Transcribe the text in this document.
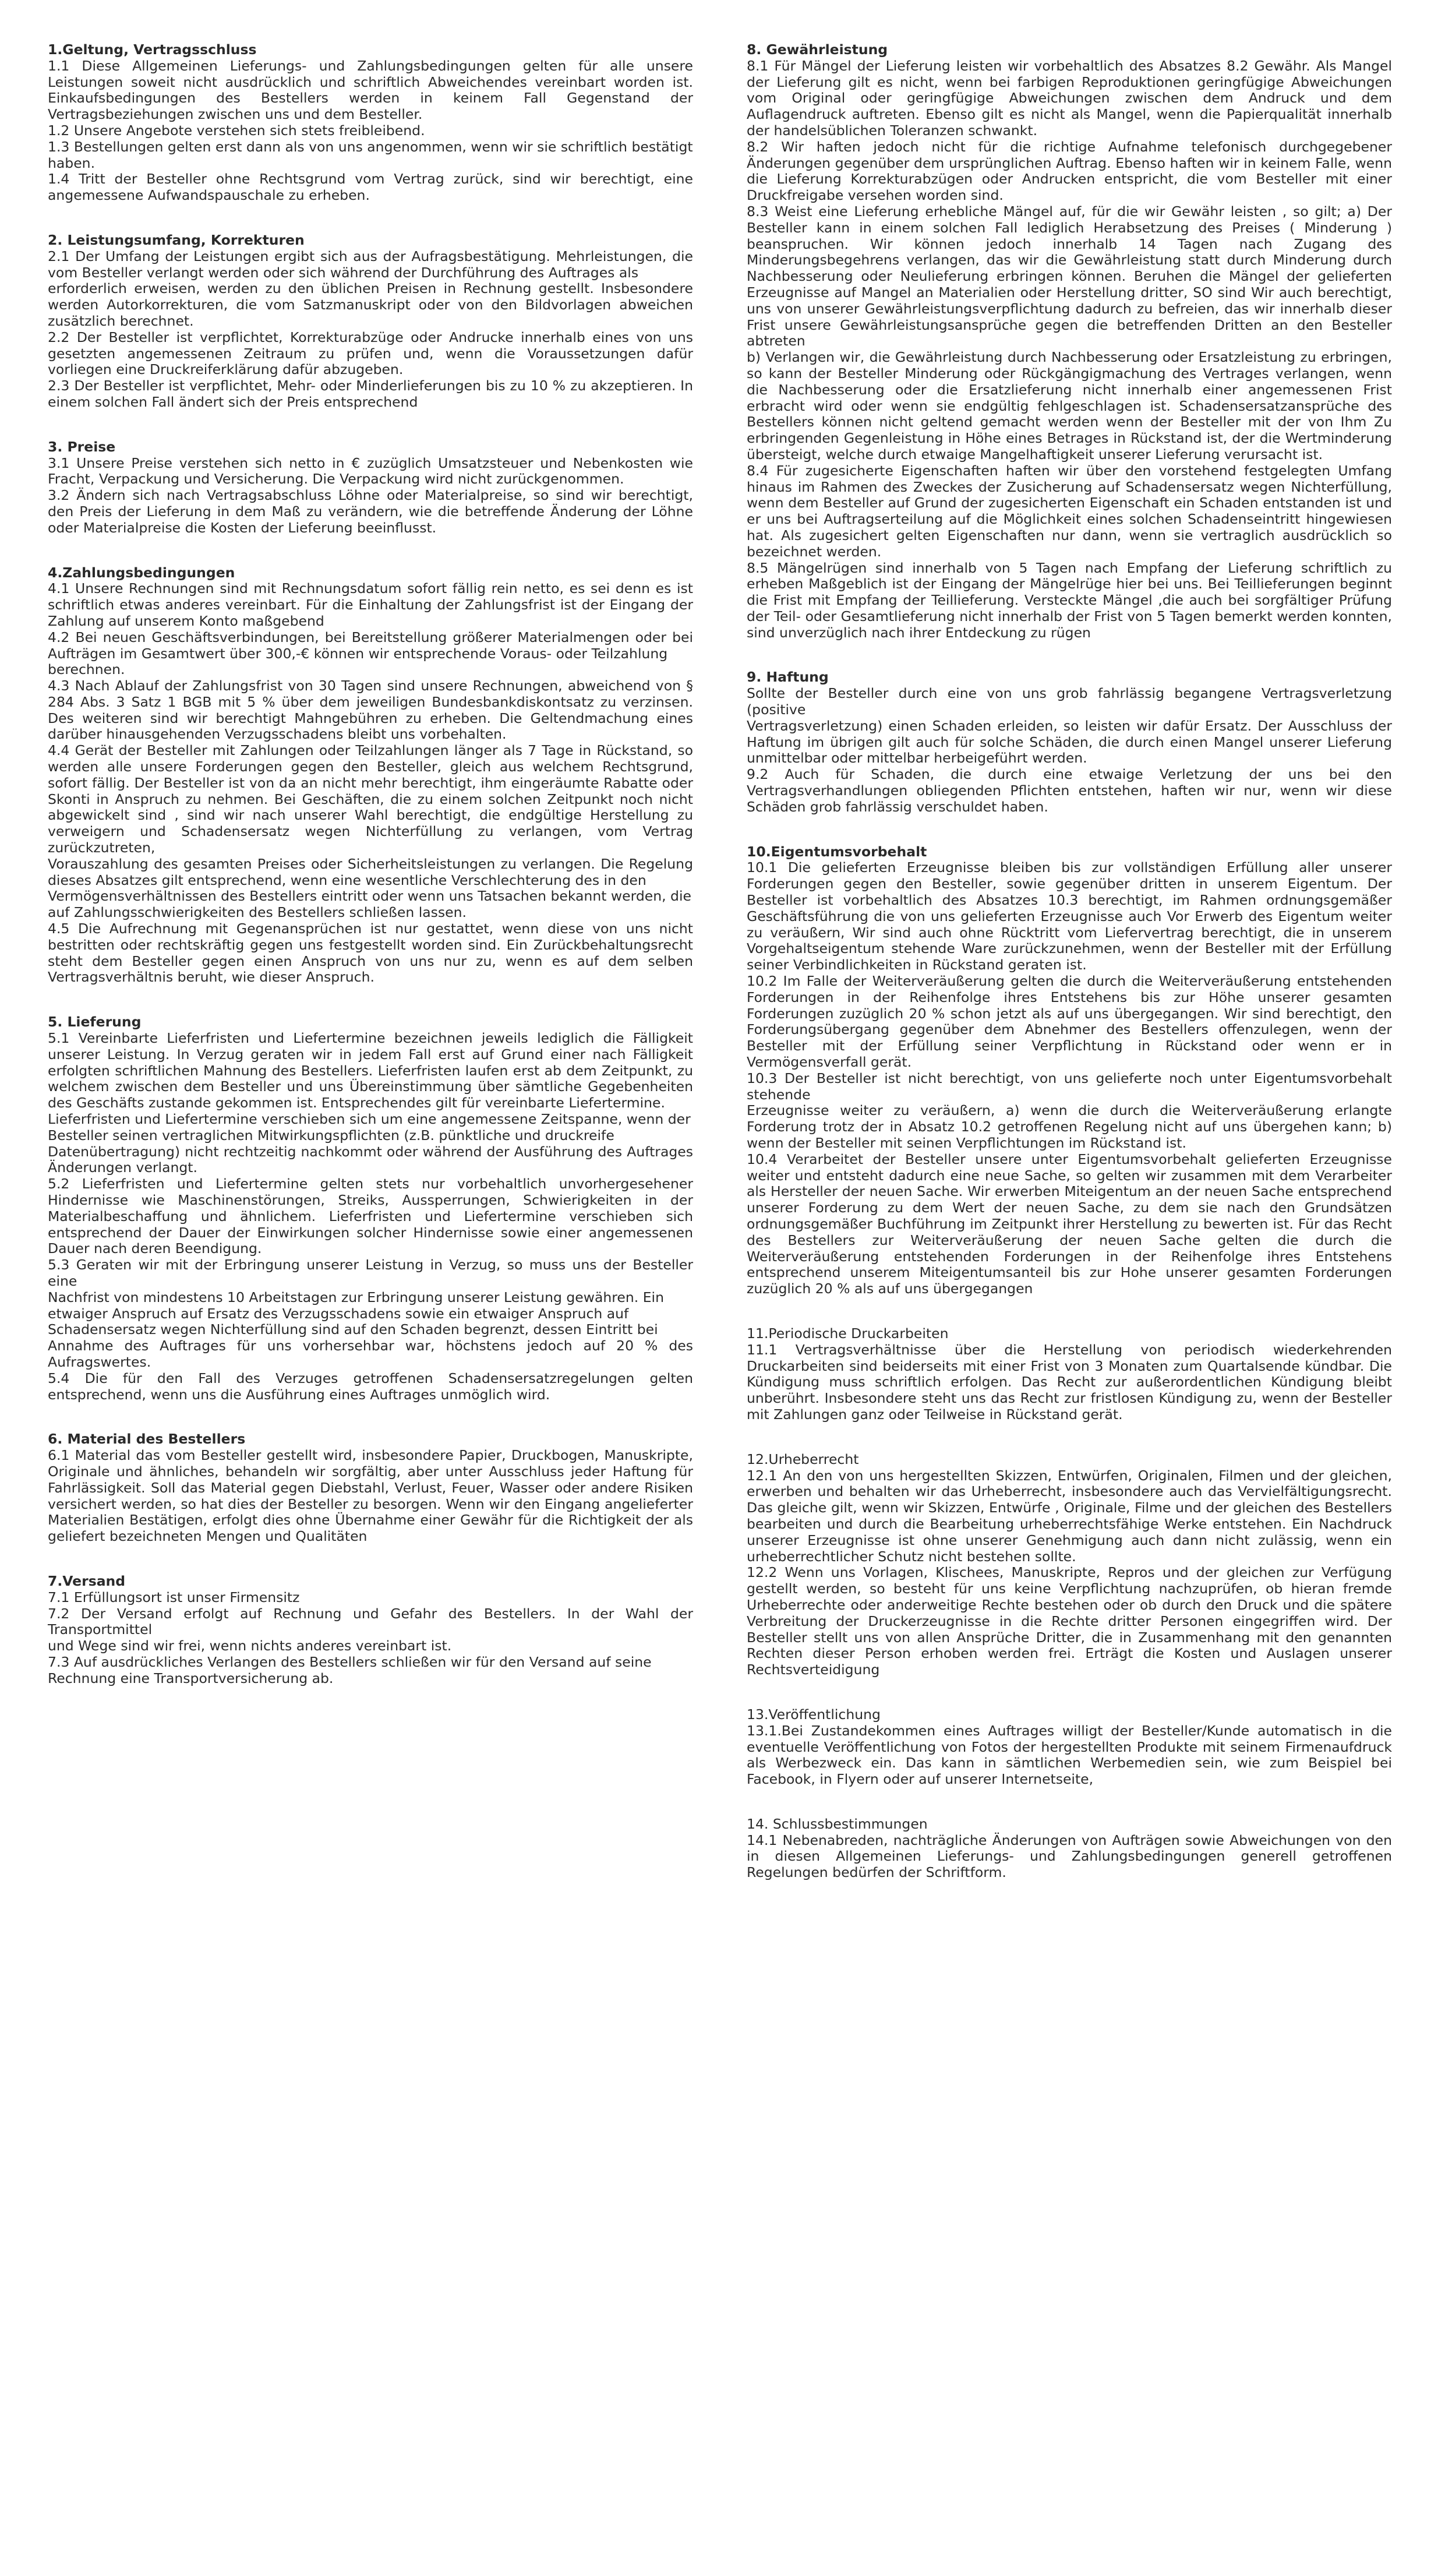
1.Geltung, Vertragsschluss

1.1 Diese Allgemeinen Lieferungs- und Zahlungsbedingungen gelten für alle unsere Leistungen soweit nicht ausdrücklich und schriftlich Abweichendes vereinbart worden ist. Einkaufsbedingungen des Bestellers werden in keinem Fall Gegenstand der Vertragsbeziehungen zwischen uns und dem Besteller.

1.2 Unsere Angebote verstehen sich stets freibleibend.

1.3 Bestellungen gelten erst dann als von uns angenommen, wenn wir sie schriftlich bestätigt
haben.

1.4 Tritt der Besteller ohne Rechtsgrund vom Vertrag zurück, sind wir berechtigt, eine angemessene Aufwandspauschale zu erheben.

2. Leistungsumfang, Korrekturen

2.1 Der Umfang der Leistungen ergibt sich aus der Aufragsbestätigung. Mehrleistungen, die vom Besteller verlangt werden oder sich während der Durchführung des Auftrages als
erforderlich erweisen, werden zu den üblichen Preisen in Rechnung gestellt. Insbesondere werden Autorkorrekturen, die vom Satzmanuskript oder von den Bildvorlagen abweichen zusätzlich berechnet.

2.2 Der Besteller ist verpflichtet, Korrekturabzüge oder Andrucke innerhalb eines von uns gesetzten angemessenen Zeitraum zu prüfen und, wenn die Voraussetzungen dafür vorliegen eine Druckreiferklärung dafür abzugeben.

2.3 Der Besteller ist verpflichtet, Mehr- oder Minderlieferungen bis zu 10 % zu akzeptieren. In einem solchen Fall ändert sich der Preis entsprechend

3. Preise

3.1 Unsere Preise verstehen sich netto in € zuzüglich Umsatzsteuer und Nebenkosten wie Fracht, Verpackung und Versicherung. Die Verpackung wird nicht zurückgenommen.

3.2 Ändern sich nach Vertragsabschluss Löhne oder Materialpreise, so sind wir berechtigt, den Preis der Lieferung in dem Maß zu verändern, wie die betreffende Änderung der Löhne oder Materialpreise die Kosten der Lieferung beeinflusst.

4.Zahlungsbedingungen

4.1 Unsere Rechnungen sind mit Rechnungsdatum sofort fällig rein netto, es sei denn es ist schriftlich etwas anderes vereinbart. Für die Einhaltung der Zahlungsfrist ist der Eingang der Zahlung auf unserem Konto maßgebend

4.2 Bei neuen Geschäftsverbindungen, bei Bereitstellung größerer Materialmengen oder bei Aufträgen im Gesamtwert über 300,-€ können wir entsprechende Voraus- oder Teilzahlung
berechnen.

4.3 Nach Ablauf der Zahlungsfrist von 30 Tagen sind unsere Rechnungen, abweichend von § 284 Abs. 3 Satz 1 BGB mit 5 % über dem jeweiligen Bundesbankdiskontsatz zu verzinsen. Des weiteren sind wir berechtigt Mahngebühren zu erheben. Die Geltendmachung eines darüber hinausgehenden Verzugsschadens bleibt uns vorbehalten.

4.4 Gerät der Besteller mit Zahlungen oder Teilzahlungen länger als 7 Tage in Rückstand, so werden alle unsere Forderungen gegen den Besteller, gleich aus welchem Rechtsgrund, sofort fällig. Der Besteller ist von da an nicht mehr berechtigt, ihm eingeräumte Rabatte oder Skonti in Anspruch zu nehmen. Bei Geschäften, die zu einem solchen Zeitpunkt noch nicht abgewickelt sind , sind wir nach unserer Wahl berechtigt, die endgültige Herstellung zu verweigern und Schadensersatz wegen Nichterfüllung zu verlangen, vom Vertrag zurückzutreten,
Vorauszahlung des gesamten Preises oder Sicherheitsleistungen zu verlangen. Die Regelung dieses Absatzes gilt entsprechend, wenn eine wesentliche Verschlechterung des in den
Vermögensverhältnissen des Bestellers eintritt oder wenn uns Tatsachen bekannt werden, die
auf Zahlungsschwierigkeiten des Bestellers schließen lassen.

4.5 Die Aufrechnung mit Gegenansprüchen ist nur gestattet, wenn diese von uns nicht bestritten oder rechtskräftig gegen uns festgestellt worden sind. Ein Zurückbehaltungsrecht steht dem Besteller gegen einen Anspruch von uns nur zu, wenn es auf dem selben Vertragsverhältnis beruht, wie dieser Anspruch.

5. Lieferung

5.1 Vereinbarte Lieferfristen und Liefertermine bezeichnen jeweils lediglich die Fälligkeit unserer Leistung. In Verzug geraten wir in jedem Fall erst auf Grund einer nach Fälligkeit erfolgten schriftlichen Mahnung des Bestellers. Lieferfristen laufen erst ab dem Zeitpunkt, zu welchem zwischen dem Besteller und uns Übereinstimmung über sämtliche Gegebenheiten des Geschäfts zustande gekommen ist. Entsprechendes gilt für vereinbarte Liefertermine.
Lieferfristen und Liefertermine verschieben sich um eine angemessene Zeitspanne, wenn der
Besteller seinen vertraglichen Mitwirkungspflichten (z.B. pünktliche und druckreife
Datenübertragung) nicht rechtzeitig nachkommt oder während der Ausführung des Auftrages Änderungen verlangt.

5.2 Lieferfristen und Liefertermine gelten stets nur vorbehaltlich unvorhergesehener Hindernisse wie Maschinenstörungen, Streiks, Aussperrungen, Schwierigkeiten in der Materialbeschaffung und ähnlichem. Lieferfristen und Liefertermine verschieben sich entsprechend der Dauer der Einwirkungen solcher Hindernisse sowie einer angemessenen Dauer nach deren Beendigung.

5.3 Geraten wir mit der Erbringung unserer Leistung in Verzug, so muss uns der Besteller eine
Nachfrist von mindestens 10 Arbeitstagen zur Erbringung unserer Leistung gewähren. Ein
etwaiger Anspruch auf Ersatz des Verzugsschadens sowie ein etwaiger Anspruch auf
Schadensersatz wegen Nichterfüllung sind auf den Schaden begrenzt, dessen Eintritt bei
Annahme des Auftrages für uns vorhersehbar war, höchstens jedoch auf 20 % des Aufragswertes.

5.4 Die für den Fall des Verzuges getroffenen Schadensersatzregelungen gelten entsprechend, wenn uns die Ausführung eines Auftrages unmöglich wird.

6. Material des Bestellers

6.1 Material das vom Besteller gestellt wird, insbesondere Papier, Druckbogen, Manuskripte, Originale und ähnliches, behandeln wir sorgfältig, aber unter Ausschluss jeder Haftung für Fahrlässigkeit. Soll das Material gegen Diebstahl, Verlust, Feuer, Wasser oder andere Risiken versichert werden, so hat dies der Besteller zu besorgen. Wenn wir den Eingang angelieferter Materialien Bestätigen, erfolgt dies ohne Übernahme einer Gewähr für die Richtigkeit der als geliefert bezeichneten Mengen und Qualitäten

7.Versand

7.1 Erfüllungsort ist unser Firmensitz

7.2 Der Versand erfolgt auf Rechnung und Gefahr des Bestellers. In der Wahl der Transportmittel
und Wege sind wir frei, wenn nichts anderes vereinbart ist.

7.3 Auf ausdrückliches Verlangen des Bestellers schließen wir für den Versand auf seine
Rechnung eine Transportversicherung ab.

8. Gewährleistung

8.1 Für Mängel der Lieferung leisten wir vorbehaltlich des Absatzes 8.2 Gewähr. Als Mangel der Lieferung gilt es nicht, wenn bei farbigen Reproduktionen geringfügige Abweichungen vom Original oder geringfügige Abweichungen zwischen dem Andruck und dem Auflagendruck auftreten. Ebenso gilt es nicht als Mangel, wenn die Papierqualität innerhalb der handelsüblichen Toleranzen schwankt.

8.2 Wir haften jedoch nicht für die richtige Aufnahme telefonisch durchgegebener Änderungen gegenüber dem ursprünglichen Auftrag. Ebenso haften wir in keinem Falle, wenn die Lieferung Korrekturabzügen oder Andrucken entspricht, die vom Besteller mit einer Druckfreigabe versehen worden sind.

8.3 Weist eine Lieferung erhebliche Mängel auf, für die wir Gewähr leisten , so gilt; a) Der Besteller kann in einem solchen Fall lediglich Herabsetzung des Preises ( Minderung ) beanspruchen. Wir können jedoch innerhalb 14 Tagen nach Zugang des Minderungsbegehrens verlangen, das wir die Gewährleistung statt durch Minderung durch Nachbesserung oder Neulieferung erbringen können. Beruhen die Mängel der gelieferten Erzeugnisse auf Mangel an Materialien oder Herstellung dritter, SO sind Wir auch berechtigt, uns von unserer Gewährleistungsverpflichtung dadurch zu befreien, das wir innerhalb dieser Frist unsere Gewährleistungsansprüche gegen die betreffenden Dritten an den Besteller abtreten
b) Verlangen wir, die Gewährleistung durch Nachbesserung oder Ersatzleistung zu erbringen, so kann der Besteller Minderung oder Rückgängigmachung des Vertrages verlangen, wenn die Nachbesserung oder die Ersatzlieferung nicht innerhalb einer angemessenen Frist erbracht wird oder wenn sie endgültig fehlgeschlagen ist. Schadensersatzansprüche des Bestellers können nicht geltend gemacht werden wenn der Besteller mit der von Ihm Zu erbringenden Gegenleistung in Höhe eines Betrages in Rückstand ist, der die Wertminderung übersteigt, welche durch etwaige Mangelhaftigkeit unserer Lieferung verursacht ist.

8.4 Für zugesicherte Eigenschaften haften wir über den vorstehend festgelegten Umfang hinaus im Rahmen des Zweckes der Zusicherung auf Schadensersatz wegen Nichterfüllung, wenn dem Besteller auf Grund der zugesicherten Eigenschaft ein Schaden entstanden ist und er uns bei Auftragserteilung auf die Möglichkeit eines solchen Schadenseintritt hingewiesen hat. Als zugesichert gelten Eigenschaften nur dann, wenn sie vertraglich ausdrücklich so bezeichnet werden.

8.5 Mängelrügen sind innerhalb von 5 Tagen nach Empfang der Lieferung schriftlich zu erheben Maßgeblich ist der Eingang der Mängelrüge hier bei uns. Bei Teillieferungen beginnt die Frist mit Empfang der Teillieferung. Versteckte Mängel ,die auch bei sorgfältiger Prüfung der Teil- oder Gesamtlieferung nicht innerhalb der Frist von 5 Tagen bemerkt werden konnten, sind unverzüglich nach ihrer Entdeckung zu rügen

9. Haftung

Sollte der Besteller durch eine von uns grob fahrlässig begangene Vertragsverletzung (positive
Vertragsverletzung) einen Schaden erleiden, so leisten wir dafür Ersatz. Der Ausschluss der Haftung im übrigen gilt auch für solche Schäden, die durch einen Mangel unserer Lieferung unmittelbar oder mittelbar herbeigeführt werden.

9.2 Auch für Schaden, die durch eine etwaige Verletzung der uns bei den Vertragsverhandlungen obliegenden Pflichten entstehen, haften wir nur, wenn wir diese Schäden grob fahrlässig verschuldet haben.

10.Eigentumsvorbehalt

10.1 Die gelieferten Erzeugnisse bleiben bis zur vollständigen Erfüllung aller unserer Forderungen gegen den Besteller, sowie gegenüber dritten in unserem Eigentum. Der Besteller ist vorbehaltlich des Absatzes 10.3 berechtigt, im Rahmen ordnungsgemäßer Geschäftsführung die von uns gelieferten Erzeugnisse auch Vor Erwerb des Eigentum weiter zu veräußern, Wir sind auch ohne Rücktritt vom Liefervertrag berechtigt, die in unserem Vorgehaltseigentum stehende Ware zurückzunehmen, wenn der Besteller mit der Erfüllung seiner Verbindlichkeiten in Rückstand geraten ist.

10.2 Im Falle der Weiterveräußerung gelten die durch die Weiterveräußerung entstehenden Forderungen in der Reihenfolge ihres Entstehens bis zur Höhe unserer gesamten Forderungen zuzüglich 20 % schon jetzt als auf uns übergegangen. Wir sind berechtigt, den Forderungsübergang gegenüber dem Abnehmer des Bestellers offenzulegen, wenn der Besteller mit der Erfüllung seiner Verpflichtung in Rückstand oder wenn er in Vermögensverfall gerät.

10.3 Der Besteller ist nicht berechtigt, von uns gelieferte noch unter Eigentumsvorbehalt stehende
Erzeugnisse weiter zu veräußern, a) wenn die durch die Weiterveräußerung erlangte Forderung trotz der in Absatz 10.2 getroffenen Regelung nicht auf uns übergehen kann; b) wenn der Besteller mit seinen Verpflichtungen im Rückstand ist.

10.4 Verarbeitet der Besteller unsere unter Eigentumsvorbehalt gelieferten Erzeugnisse weiter und entsteht dadurch eine neue Sache, so gelten wir zusammen mit dem Verarbeiter als Hersteller der neuen Sache. Wir erwerben Miteigentum an der neuen Sache entsprechend unserer Forderung zu dem Wert der neuen Sache, zu dem sie nach den Grundsätzen ordnungsgemäßer Buchführung im Zeitpunkt ihrer Herstellung zu bewerten ist. Für das Recht des Bestellers zur Weiterveräußerung der neuen Sache gelten die durch die Weiterveräußerung entstehenden Forderungen in der Reihenfolge ihres Entstehens entsprechend unserem Miteigentumsanteil bis zur Hohe unserer gesamten Forderungen zuzüglich 20 % als auf uns übergegangen

11.Periodische Druckarbeiten

11.1 Vertragsverhältnisse über die Herstellung von periodisch wiederkehrenden Druckarbeiten sind beiderseits mit einer Frist von 3 Monaten zum Quartalsende kündbar. Die Kündigung muss schriftlich erfolgen. Das Recht zur außerordentlichen Kündigung bleibt unberührt. Insbesondere steht uns das Recht zur fristlosen Kündigung zu, wenn der Besteller mit Zahlungen ganz oder Teilweise in Rückstand gerät.

12.Urheberrecht

12.1 An den von uns hergestellten Skizzen, Entwürfen, Originalen, Filmen und der gleichen, erwerben und behalten wir das Urheberrecht, insbesondere auch das Vervielfältigungsrecht. Das gleiche gilt, wenn wir Skizzen, Entwürfe , Originale, Filme und der gleichen des Bestellers bearbeiten und durch die Bearbeitung urheberrechtsfähige Werke entstehen. Ein Nachdruck unserer Erzeugnisse ist ohne unserer Genehmigung auch dann nicht zulässig, wenn ein urheberrechtlicher Schutz nicht bestehen sollte.

12.2 Wenn uns Vorlagen, Klischees, Manuskripte, Repros und der gleichen zur Verfügung gestellt werden, so besteht für uns keine Verpflichtung nachzuprüfen, ob hieran fremde Urheberrechte oder anderweitige Rechte bestehen oder ob durch den Druck und die spätere Verbreitung der Druckerzeugnisse in die Rechte dritter Personen eingegriffen wird. Der Besteller stellt uns von allen Ansprüche Dritter, die in Zusammenhang mit den genannten Rechten dieser Person erhoben werden frei. Erträgt die Kosten und Auslagen unserer Rechtsverteidigung

13.Veröffentlichung

13.1.Bei Zustandekommen eines Auftrages willigt der Besteller/Kunde automatisch in die eventuelle Veröffentlichung von Fotos der hergestellten Produkte mit seinem Firmenaufdruck als Werbezweck ein. Das kann in sämtlichen Werbemedien sein, wie zum Beispiel bei Facebook, in Flyern oder auf unserer Internetseite,

14. Schlussbestimmungen

14.1 Nebenabreden, nachträgliche Änderungen von Aufträgen sowie Abweichungen von den in diesen Allgemeinen Lieferungs- und Zahlungsbedingungen generell getroffenen Regelungen bedürfen der Schriftform.
